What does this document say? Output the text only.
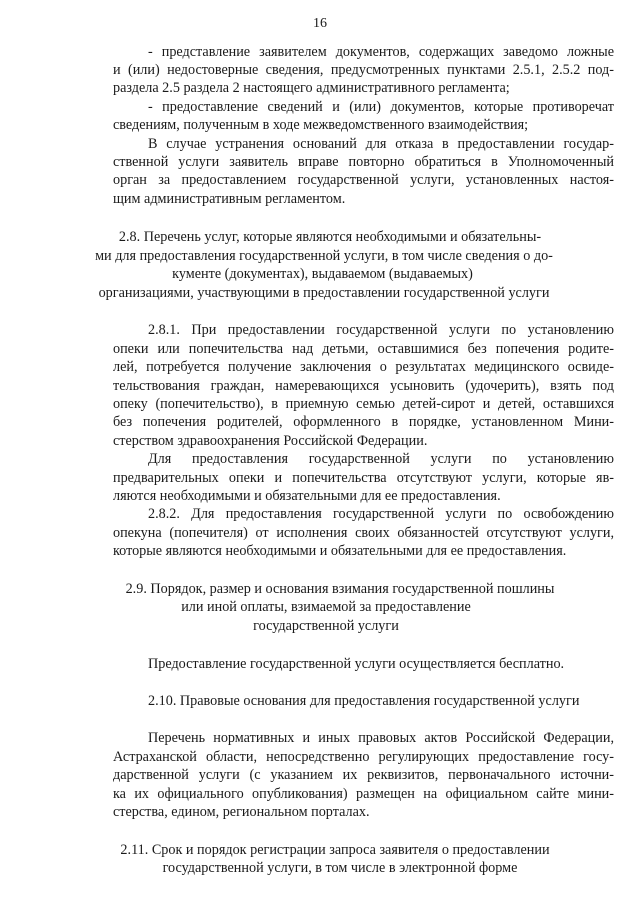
16
- представление заявителем документов, содержащих заведомо ложные
и (или) недостоверные сведения, предусмотренных пунктами 2.5.1, 2.5.2 под-
раздела 2.5 раздела 2 настоящего административного регламента;
- предоставление сведений и (или) документов, которые противоречат
сведениям, полученным в ходе межведомственного взаимодействия;
В случае устранения оснований для отказа в предоставлении государ-
ственной услуги заявитель вправе повторно обратиться в Уполномоченный
орган за предоставлением государственной услуги, установленных настоя-
щим административным регламентом.
2.8. Перечень услуг, которые являются необходимыми и обязательны-
ми для предоставления государственной услуги, в том числе сведения о до-
кументе (документах), выдаваемом (выдаваемых)
организациями, участвующими в предоставлении государственной услуги
2.8.1. При предоставлении государственной услуги по установлению
опеки или попечительства над детьми, оставшимися без попечения родите-
лей, потребуется получение заключения о результатах медицинского освиде-
тельствования граждан, намеревающихся усыновить (удочерить), взять под
опеку (попечительство), в приемную семью детей-сирот и детей, оставшихся
без попечения родителей, оформленного в порядке, установленном Мини-
стерством здравоохранения Российской Федерации.
Для предоставления государственной услуги по установлению
предварительных опеки и попечительства отсутствуют услуги, которые яв-
ляются необходимыми и обязательными для ее предоставления.
2.8.2. Для предоставления государственной услуги по освобождению
опекуна (попечителя) от исполнения своих обязанностей отсутствуют услуги,
которые являются необходимыми и обязательными для ее предоставления.
2.9. Порядок, размер и основания взимания государственной пошлины
или иной оплаты, взимаемой за предоставление
государственной услуги
Предоставление государственной услуги осуществляется бесплатно.
2.10. Правовые основания для предоставления государственной услуги
Перечень нормативных и иных правовых актов Российской Федерации,
Астраханской области, непосредственно регулирующих предоставление госу-
дарственной услуги (с указанием их реквизитов, первоначального источни-
ка их официального опубликования) размещен на официальном сайте мини-
стерства, едином, региональном порталах.
2.11. Срок и порядок регистрации запроса заявителя о предоставлении
государственной услуги, в том числе в электронной форме
